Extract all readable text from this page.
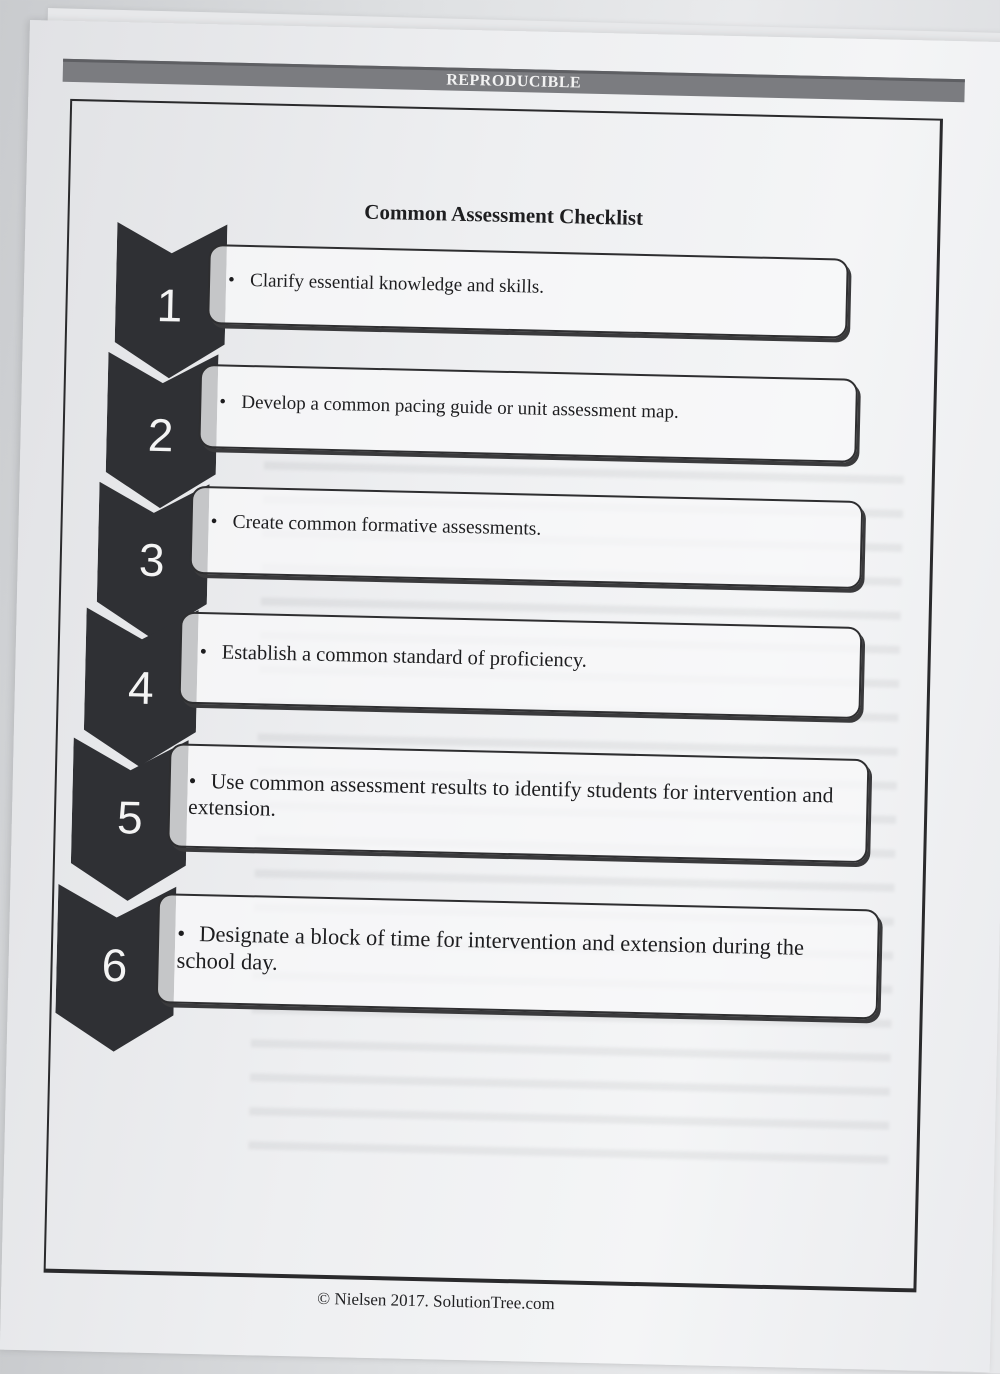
REPRODUCIBLE

Common Assessment Checklist
1	• Clarify essential knowledge and skills.
2
• Develop a common pacing guide or unit assessment map.
3
• Create common formative assessments.
4
• Establish a common standard of proficiency.
5
• Use common assessment results to identify students for intervention and extension.
6
• Designate a block of time for intervention and extension during the school day.
© Nielsen 2017. SolutionTree.com
